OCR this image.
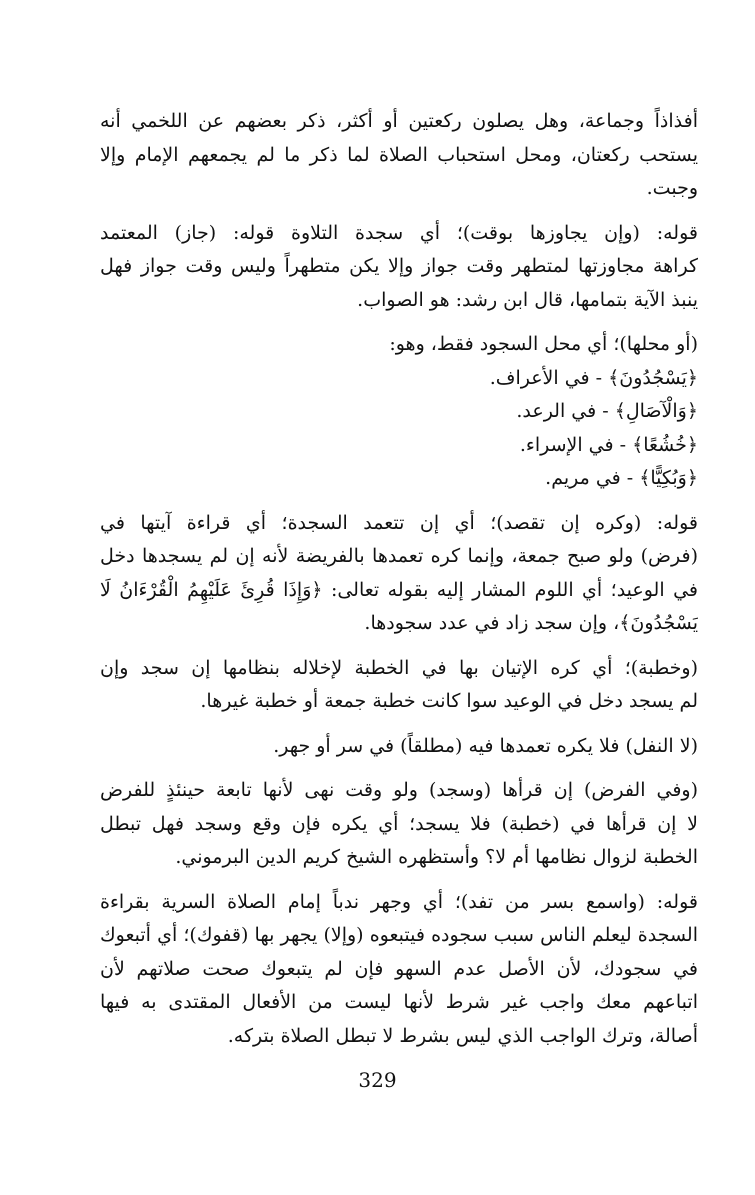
أفذاذاً وجماعة، وهل يصلون ركعتين أو أكثر، ذكر بعضهم عن اللخمي أنه
يستحب ركعتان، ومحل استحباب الصلاة لما ذكر ما لم يجمعهم الإمام وإلا
وجبت.
قوله: (وإن يجاوزها بوقت)؛ أي سجدة التلاوة قوله: (جاز) المعتمد
كراهة مجاوزتها لمتطهر وقت جواز وإلا يكن متطهراً وليس وقت جواز فهل
ينبذ الآية بتمامها، قال ابن رشد: هو الصواب.
(أو محلها)؛ أي محل السجود فقط، وهو:
﴿يَسْجُدُونَ﴾ - في الأعراف.
﴿وَالْآصَالِ﴾ - في الرعد.
﴿خُشُعًا﴾ - في الإسراء.
﴿وَبُكِيًّا﴾ - في مريم.
قوله: (وكره إن تقصد)؛ أي إن تتعمد السجدة؛ أي قراءة آيتها في
(فرض) ولو صبح جمعة، وإنما كره تعمدها بالفريضة لأنه إن لم يسجدها دخل
في الوعيد؛ أي اللوم المشار إليه بقوله تعالى: ﴿وَإِذَا قُرِئَ عَلَيْهِمُ الْقُرْءَانُ لَا
يَسْجُدُونَ﴾، وإن سجد زاد في عدد سجودها.
(وخطبة)؛ أي كره الإتيان بها في الخطبة لإخلاله بنظامها إن سجد وإن
لم يسجد دخل في الوعيد سوا كانت خطبة جمعة أو خطبة غيرها.
(لا النفل) فلا يكره تعمدها فيه (مطلقاً) في سر أو جهر.
(وفي الفرض) إن قرأها (وسجد) ولو وقت نهى لأنها تابعة حينئذٍ للفرض
لا إن قرأها في (خطبة) فلا يسجد؛ أي يكره فإن وقع وسجد فهل تبطل
الخطبة لزوال نظامها أم لا؟ وأستظهره الشيخ كريم الدين البرموني.
قوله: (واسمع بسر من تفد)؛ أي وجهر ندباً إمام الصلاة السرية بقراءة
السجدة ليعلم الناس سبب سجوده فيتبعوه (وإلا) يجهر بها (قفوك)؛ أي أتبعوك
في سجودك، لأن الأصل عدم السهو فإن لم يتبعوك صحت صلاتهم لأن
اتباعهم معك واجب غير شرط لأنها ليست من الأفعال المقتدى به فيها
أصالة، وترك الواجب الذي ليس بشرط لا تبطل الصلاة بتركه.
329
